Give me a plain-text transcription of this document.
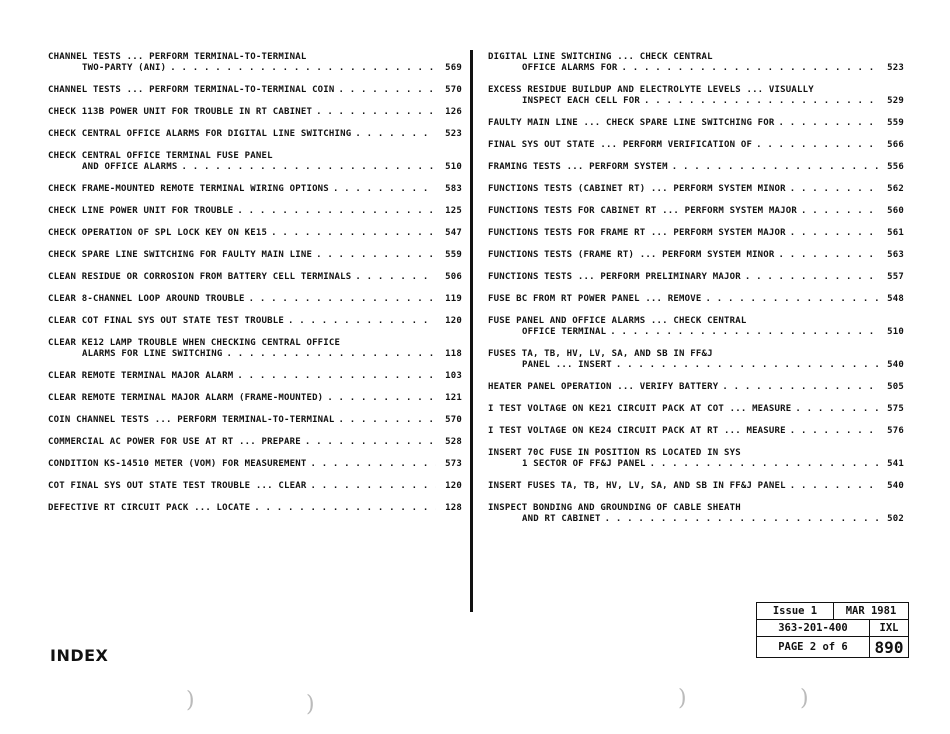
CHANNEL TESTS ... PERFORM TERMINAL-TO-TERMINAL
TWO-PARTY (ANI) . . .	569
CHANNEL TESTS ... PERFORM TERMINAL-TO-TERMINAL COIN . . .	570
CHECK 113B POWER UNIT FOR TROUBLE IN RT CABINET . . .	126
CHECK CENTRAL OFFICE ALARMS FOR DIGITAL LINE SWITCHING . . .	523
CHECK CENTRAL OFFICE TERMINAL FUSE PANEL
AND OFFICE ALARMS . . .	510
CHECK FRAME-MOUNTED REMOTE TERMINAL WIRING OPTIONS . . .	583
CHECK LINE POWER UNIT FOR TROUBLE . . .	125
CHECK OPERATION OF SPL LOCK KEY ON KE15 . . .	547
CHECK SPARE LINE SWITCHING FOR FAULTY MAIN LINE . . .	559
CLEAN RESIDUE OR CORROSION FROM BATTERY CELL TERMINALS . . .	506
CLEAR 8-CHANNEL LOOP AROUND TROUBLE . . .	119
CLEAR COT FINAL SYS OUT STATE TEST TROUBLE . . .	120
CLEAR KE12 LAMP TROUBLE WHEN CHECKING CENTRAL OFFICE
ALARMS FOR LINE SWITCHING . . .	118
CLEAR REMOTE TERMINAL MAJOR ALARM . . .	103
CLEAR REMOTE TERMINAL MAJOR ALARM (FRAME-MOUNTED) . . .	121
COIN CHANNEL TESTS ... PERFORM TERMINAL-TO-TERMINAL . . .	570
COMMERCIAL AC POWER FOR USE AT RT ... PREPARE . . .	528
CONDITION KS-14510 METER (VOM) FOR MEASUREMENT . . .	573
COT FINAL SYS OUT STATE TEST TROUBLE ... CLEAR . . .	120
DEFECTIVE RT CIRCUIT PACK ... LOCATE . . .	128
DIGITAL LINE SWITCHING ... CHECK CENTRAL
OFFICE ALARMS FOR . . .	523
EXCESS RESIDUE BUILDUP AND ELECTROLYTE LEVELS ... VISUALLY
INSPECT EACH CELL FOR . . .	529
FAULTY MAIN LINE ... CHECK SPARE LINE SWITCHING FOR . . .	559
FINAL SYS OUT STATE ... PERFORM VERIFICATION OF . . .	566
FRAMING TESTS ... PERFORM SYSTEM . . .	556
FUNCTIONS TESTS (CABINET RT) ... PERFORM SYSTEM MINOR . . .	562
FUNCTIONS TESTS FOR CABINET RT ... PERFORM SYSTEM MAJOR . . .	560
FUNCTIONS TESTS FOR FRAME RT ... PERFORM SYSTEM MAJOR . . .	561
FUNCTIONS TESTS (FRAME RT) ... PERFORM SYSTEM MINOR . . .	563
FUNCTIONS TESTS ... PERFORM PRELIMINARY MAJOR . . .	557
FUSE BC FROM RT POWER PANEL ... REMOVE . . .	548
FUSE PANEL AND OFFICE ALARMS ... CHECK CENTRAL
OFFICE TERMINAL . . .	510
FUSES TA, TB, HV, LV, SA, AND SB IN FF&J
PANEL ... INSERT . . .	540
HEATER PANEL OPERATION ... VERIFY BATTERY . . .	505
I TEST VOLTAGE ON KE21 CIRCUIT PACK AT COT ... MEASURE . . .	575
I TEST VOLTAGE ON KE24 CIRCUIT PACK AT RT ... MEASURE . . .	576
INSERT 70C FUSE IN POSITION RS LOCATED IN SYS
1 SECTOR OF FF&J PANEL . . .	541
INSERT FUSES TA, TB, HV, LV, SA, AND SB IN FF&J PANEL . . .	540
INSPECT BONDING AND GROUNDING OF CABLE SHEATH
AND RT CABINET . . .	502
INDEX
Issue 1	MAR 1981
363-201-400	IXL
PAGE 2 of 6	890
)	)	)	)
